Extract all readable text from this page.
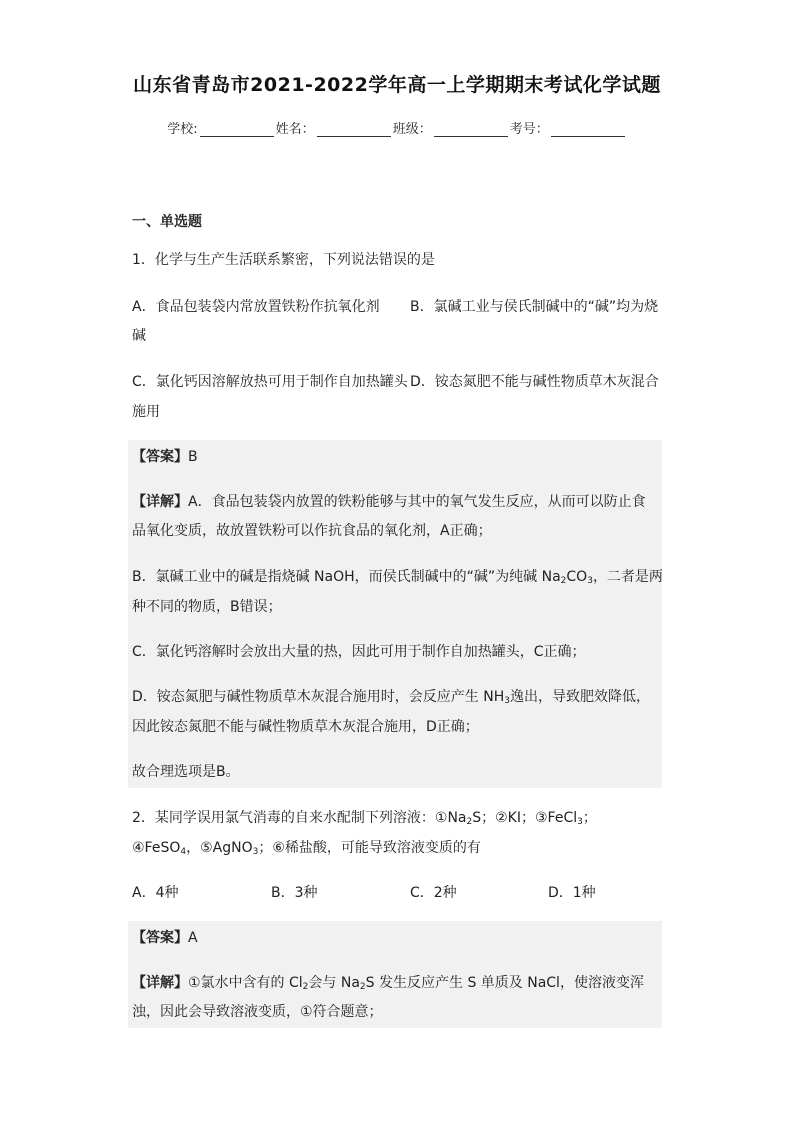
山东省青岛市2021-2022学年高一上学期期末考试化学试题
学校:	姓名：	班级：	考号：
一、单选题
1．化学与生产生活联系繁密，下列说法错误的是
A．食品包装袋内常放置铁粉作抗氧化剂 B．氯碱工业与侯氏制碱中的“碱”均为烧
碱
C．氯化钙因溶解放热可用于制作自加热罐头 D．铵态氮肥不能与碱性物质草木灰混合
施用
【答案】B
【详解】A．食品包装袋内放置的铁粉能够与其中的氧气发生反应，从而可以防止食
品氧化变质，故放置铁粉可以作抗食品的氧化剂，A正确；
B．氯碱工业中的碱是指烧碱 NaOH，而侯氏制碱中的“碱”为纯碱 $Na_2CO_3$，二者是两
种不同的物质，B错误；
C．氯化钙溶解时会放出大量的热，因此可用于制作自加热罐头，C正确；
D．铵态氮肥与碱性物质草木灰混合施用时，会反应产生 $NH_3$逸出，导致肥效降低，
因此铵态氮肥不能与碱性物质草木灰混合施用，D正确；
故合理选项是B。
2．某同学误用氯气消毒的自来水配制下列溶液：$①Na_2S$；②KI；③FeCl$_3$；
④FeSO$_4$，⑤AgNO$_3$；⑥稀盐酸，可能导致溶液变质的有
A．4种	B．3种	C．2种	D．1种
【答案】A
【详解】①氯水中含有的 $Cl_2$会与 $Na_2S$ 发生反应产生 S 单质及 NaCl，使溶液变浑
浊，因此会导致溶液变质，①符合题意；
